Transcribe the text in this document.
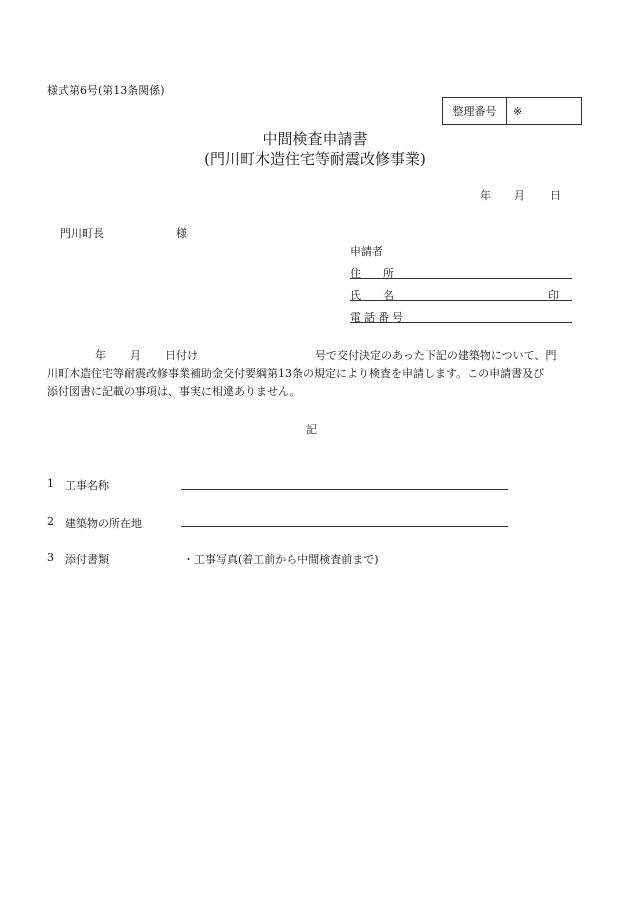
様式第6号(第13条関係)
整理番号	※
中間検査申請書
(門川町木造住宅等耐震改修事業)
年 月 日
門川町長	様
申請者
住　　所
氏　　名	印
電話番号
年 月 日付け	号で交付決定のあった下記の建築物について、門
川町木造住宅等耐震改修事業補助金交付要綱第13条の規定により検査を申請します。この申請書及び
添付図書に記載の事項は、事実に相違ありません。
記
1 工事名称
2 建築物の所在地
3 添付書類	・工事写真(着工前から中間検査前まで)
